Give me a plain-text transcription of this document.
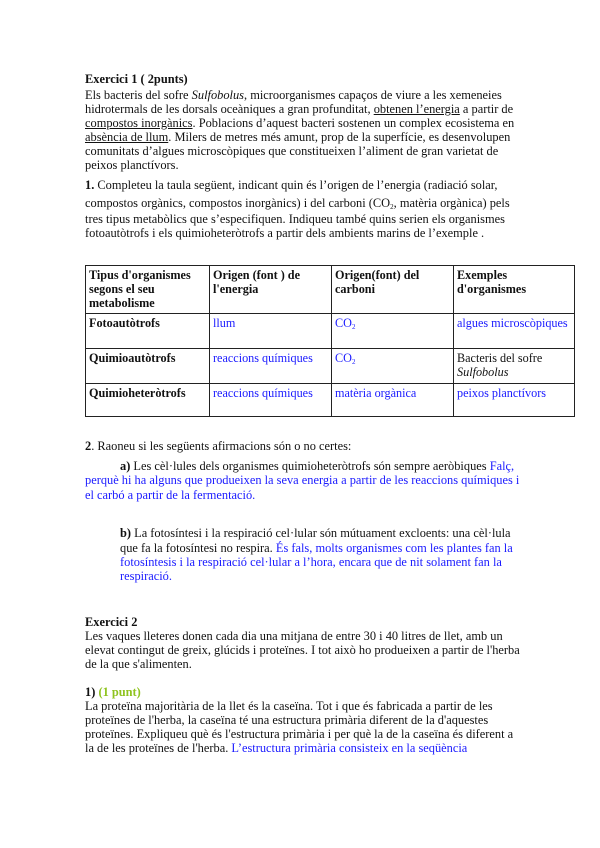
Exercici 1 ( 2punts)
Els bacteris del sofre Sulfobolus, microorganismes capaços de viure a les xemeneies
hidrotermals de les dorsals oceàniques a gran profunditat, obtenen l’energia a partir de
compostos inorgànics. Poblacions d’aquest bacteri sostenen un complex ecosistema en
absència de llum. Milers de metres més amunt, prop de la superfície, es desenvolupen
comunitats d’algues microscòpiques que constitueixen l’aliment de gran varietat de
peixos planctívors.
1. Completeu la taula següent, indicant quin és l’origen de l’energia (radiació solar,
compostos orgànics, compostos inorgànics) i del carboni ($CO_2$, matèria orgànica) pels
tres tipus metabòlics que s’especifiquen. Indiqueu també quins serien els organismes
fotoautòtrofs i els quimioheteròtrofs a partir dels ambients marins de l’exemple .
Tipus d'organismes segons el seu metabolisme	Origen (font ) de l'energia	Origen(font) del carboni	Exemples d'organismes
Fotoautòtrofs	llum	$CO_2$	algues microscòpiques
Quimioautòtrofs	reaccions químiques	$CO_2$	Bacteris del sofre
Sulfobolus
Quimioheteròtrofs	reaccions químiques	matèria orgànica	peixos planctívors
2. Raoneu si les següents afirmacions són o no certes:
a) Les cèl·lules dels organismes quimioheteròtrofs són sempre aeròbiques Falç,
perquè hi ha alguns que produeixen la seva energia a partir de les reaccions químiques i
el carbó a partir de la fermentació.
b) La fotosíntesi i la respiració cel·lular són mútuament excloents: una cèl·lula
que fa la fotosíntesi no respira. És fals, molts organismes com les plantes fan la
fotosíntesis i la respiració cel·lular a l’hora, encara que de nit solament fan la
respiració.
Exercici 2
Les vaques lleteres donen cada dia una mitjana de entre 30 i 40 litres de llet, amb un
elevat contingut de greix, glúcids i proteïnes. I tot això ho produeixen a partir de l'herba
de la que s'alimenten.
1) (1 punt)
La proteïna majoritària de la llet és la caseïna. Tot i que és fabricada a partir de les
proteïnes de l'herba, la caseïna té una estructura primària diferent de la d'aquestes
proteïnes. Expliqueu què és l'estructura primària i per què la de la caseïna és diferent a
la de les proteïnes de l'herba. L’estructura primària consisteix en la seqüència
